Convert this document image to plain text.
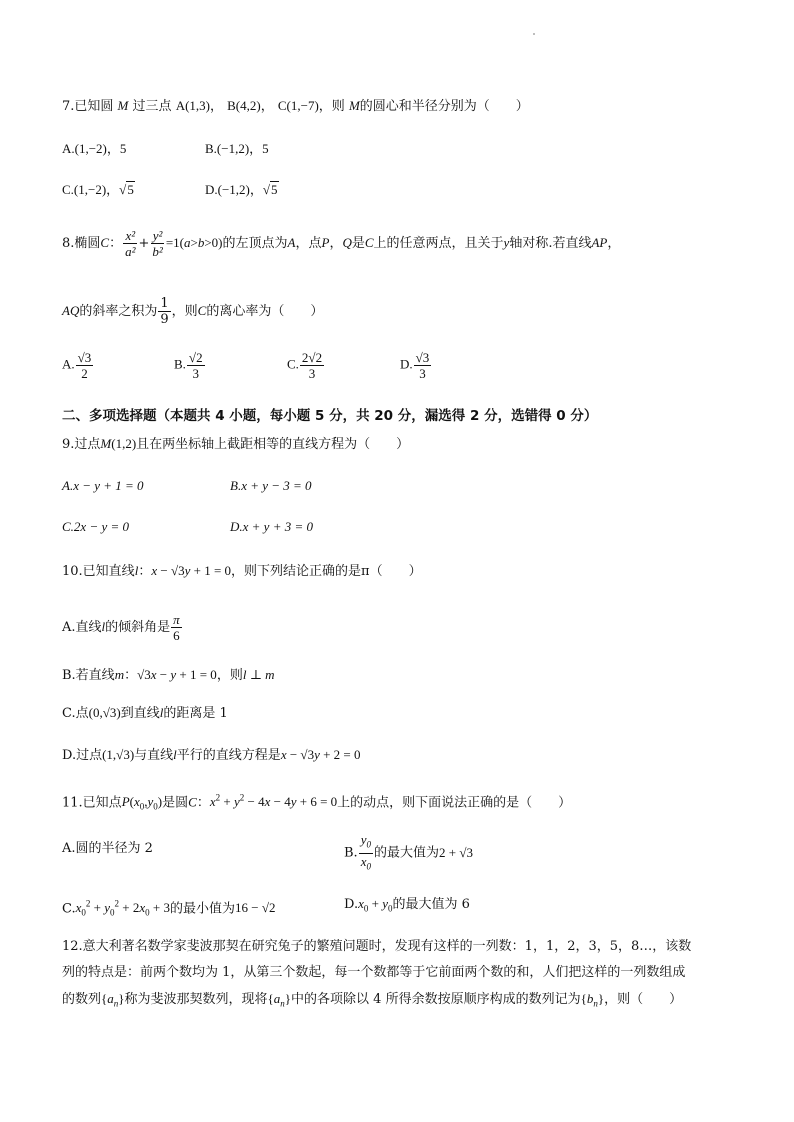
7.已知圆 M 过三点 A(1,3)， B(4,2)， C(1,−7)，则 M的圆心和半径分别为（　　）
A.(1,−2)，5	B.(−1,2)，5
C.(1,−2)，√5	D.(−1,2)，√5
8.椭圆C： $\frac{\text{x²}}{\text{a²}} + \frac{\text{y²}}{\text{b²}} =1(a>b>0)$的左顶点为A，点P，Q是C上的任意两点，且关于y轴对称.若直线AP，
AQ的斜率之积为 $\frac{1}{9}$ ，则C的离心率为（　　）
A. $\frac{√3}{2}$	B. $\frac{√2}{3}$	C. $\frac{2√2}{3}$	D. $\frac{√3}{3}$
二、多项选择题（本题共 4 小题，每小题 5 分，共 20 分，漏选得 2 分，选错得 0 分）
9.过点M(1,2)且在两坐标轴上截距相等的直线方程为（　　）
A.x − y + 1 = 0	B.x + y − 3 = 0
C.2x − y = 0	D.x + y + 3 = 0
10.已知直线l：x − √3y + 1 = 0，则下列结论正确的是π（　　）
A.直线l的倾斜角是 $\frac{\pi}{6}$
B.若直线m：√3x − y + 1 = 0，则l ⊥ m
C.点(0,√3)到直线l的距离是 1
D.过点(1,√3)与直线l平行的直线方程是x − √3y + 2 = 0
11.已知点$P(x_0,y_0)$是圆C：$x^2 + y^2 - 4x - 4y + 6 = 0$上的动点，则下面说法正确的是（　　）
A.圆的半径为 2	B. $\frac{y_0}{x_0}$ 的最大值为2 + √3
$C.x_0^2 + y_0^2 + 2x_0 + 3$的最小值为16 − √2	$D.x_0 + y_0$的最大值为 6
12.意大利著名数学家斐波那契在研究兔子的繁殖问题时，发现有这样的一列数：1，1，2，3，5，8…，该数
列的特点是：前两个数均为 1，从第三个数起，每一个数都等于它前面两个数的和，人们把这样的一列数组成
的数列$\{a_n\}$称为斐波那契数列，现将$\{a_n\}$中的各项除以 4 所得余数按原顺序构成的数列记为$\{b_n\}$，则（　　）
